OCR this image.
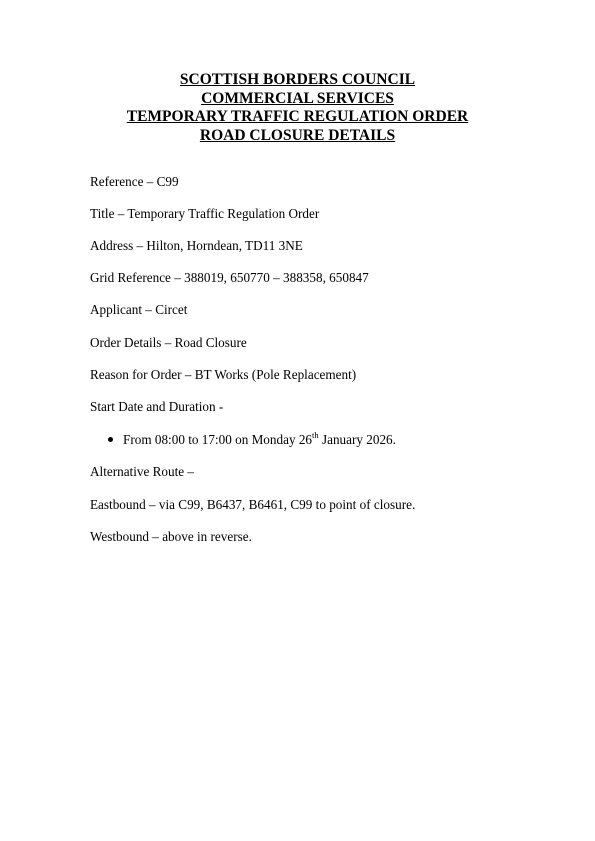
SCOTTISH BORDERS COUNCIL
COMMERCIAL SERVICES
TEMPORARY TRAFFIC REGULATION ORDER
ROAD CLOSURE DETAILS
Reference – C99
Title – Temporary Traffic Regulation Order
Address – Hilton, Horndean, TD11 3NE
Grid Reference – 388019, 650770 – 388358, 650847
Applicant – Circet
Order Details – Road Closure
Reason for Order – BT Works (Pole Replacement)
Start Date and Duration -
From 08:00 to 17:00 on Monday 26th January 2026.
Alternative Route –
Eastbound – via C99, B6437, B6461, C99 to point of closure.
Westbound – above in reverse.
